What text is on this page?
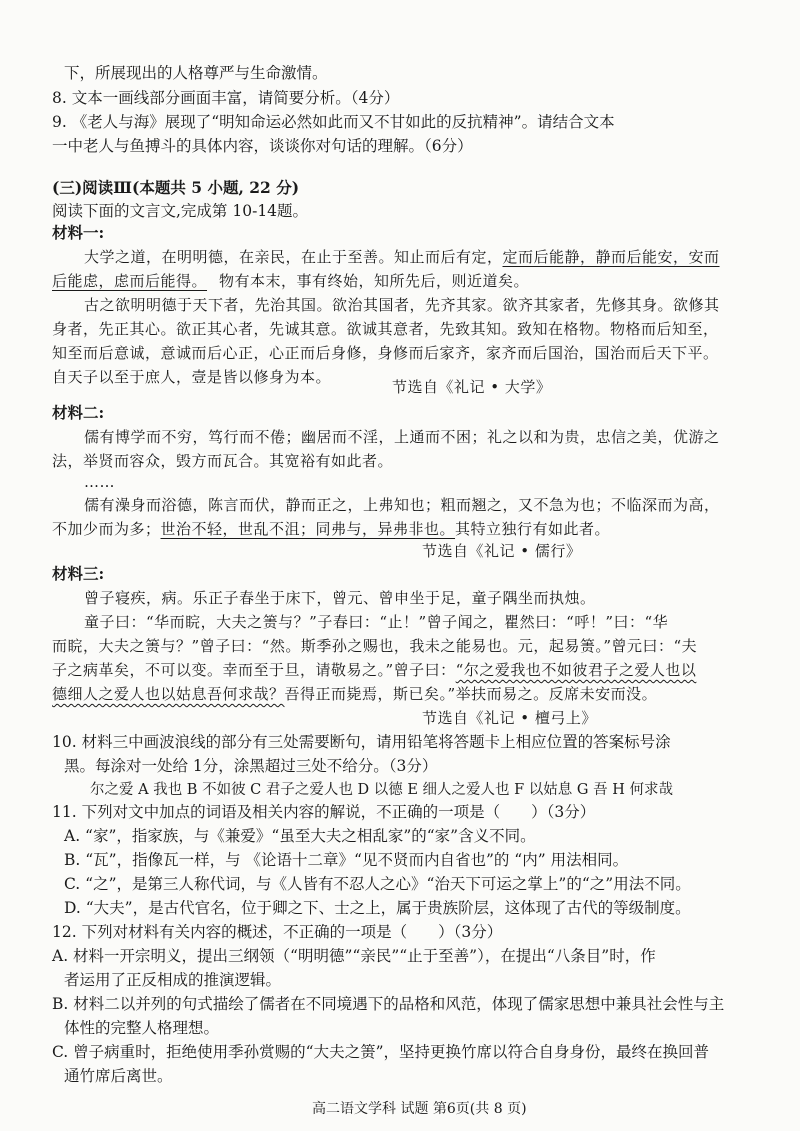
下，所展现出的人格尊严与生命激情。
8. 文本一画线部分画面丰富，请简要分析。（4分）
9. 《老人与海》展现了“明知命运必然如此而又不甘如此的反抗精神”。请结合文本
一中老人与鱼搏斗的具体内容，谈谈你对句话的理解。（6分）
(三)阅读Ⅲ(本题共 5 小题, 22 分)
阅读下面的文言文,完成第 10-14题。
材料一:
大学之道，在明明德，在亲民，在止于至善。知止而后有定，定而后能静，静而后能安，安而
后能虑，虑而后能得。 物有本末，事有终始，知所先后，则近道矣。
古之欲明明德于天下者，先治其国。欲治其国者，先齐其家。欲齐其家者，先修其身。欲修其
身者，先正其心。欲正其心者，先诚其意。欲诚其意者，先致其知。致知在格物。物格而后知至，
知至而后意诚，意诚而后心正，心正而后身修，身修而后家齐，家齐而后国治，国治而后天下平。
自天子以至于庶人，壹是皆以修身为本。
节选自《礼记 • 大学》
材料二:
儒有博学而不穷，笃行而不倦；幽居而不淫，上通而不困；礼之以和为贵，忠信之美，优游之
法，举贤而容众，毁方而瓦合。其宽裕有如此者。
……
儒有澡身而浴德，陈言而伏，静而正之，上弗知也；粗而翘之，又不急为也；不临深而为高，
不加少而为多；世治不轻，世乱不沮；同弗与，异弗非也。其特立独行有如此者。
节选自《礼记 • 儒行》
材料三:
曾子寝疾，病。乐正子春坐于床下，曾元、曾申坐于足，童子隅坐而执烛。
童子曰：“华而睆，大夫之箦与？”子春曰：“止！”曾子闻之，瞿然曰：“呼！”曰：“华
而睆，大夫之箦与？”曾子曰：“然。斯季孙之赐也，我未之能易也。元，起易箦。”曾元曰：“夫
子之病革矣，不可以变。幸而至于旦，请敬易之。”曾子曰：“尔之爱我也不如彼君子之爱人也以
德细人之爱人也以姑息吾何求哉？吾得正而毙焉，斯已矣。”举扶而易之。反席未安而没。
节选自《礼记 • 檀弓上》
10. 材料三中画波浪线的部分有三处需要断句，请用铅笔将答题卡上相应位置的答案标号涂
黑。每涂对一处给 1分，涂黑超过三处不给分。（3分）
尔之爱 A 我也 B 不如彼 C 君子之爱人也 D 以德 E 细人之爱人也 F 以姑息 G 吾 H 何求哉
11. 下列对文中加点的词语及相关内容的解说，不正确的一项是（　　）（3分）
A. “家”，指家族，与《兼爱》“虽至大夫之相乱家”的“家”含义不同。
B. “瓦”，指像瓦一样，与 《论语十二章》“见不贤而内自省也”的 “内” 用法相同。
C. “之”，是第三人称代词，与《人皆有不忍人之心》“治天下可运之掌上”的“之”用法不同。
D. “大夫”，是古代官名，位于卿之下、士之上，属于贵族阶层，这体现了古代的等级制度。
12. 下列对材料有关内容的概述，不正确的一项是（　　）（3分）
A. 材料一开宗明义，提出三纲领（“明明德”“亲民”“止于至善”），在提出“八条目”时，作
者运用了正反相成的推演逻辑。
B. 材料二以并列的句式描绘了儒者在不同境遇下的品格和风范，体现了儒家思想中兼具社会性与主
体性的完整人格理想。
C. 曾子病重时，拒绝使用季孙赏赐的“大夫之箦”，坚持更换竹席以符合自身身份，最终在换回普
通竹席后离世。
高二语文学科 试题 第6页(共 8 页)
